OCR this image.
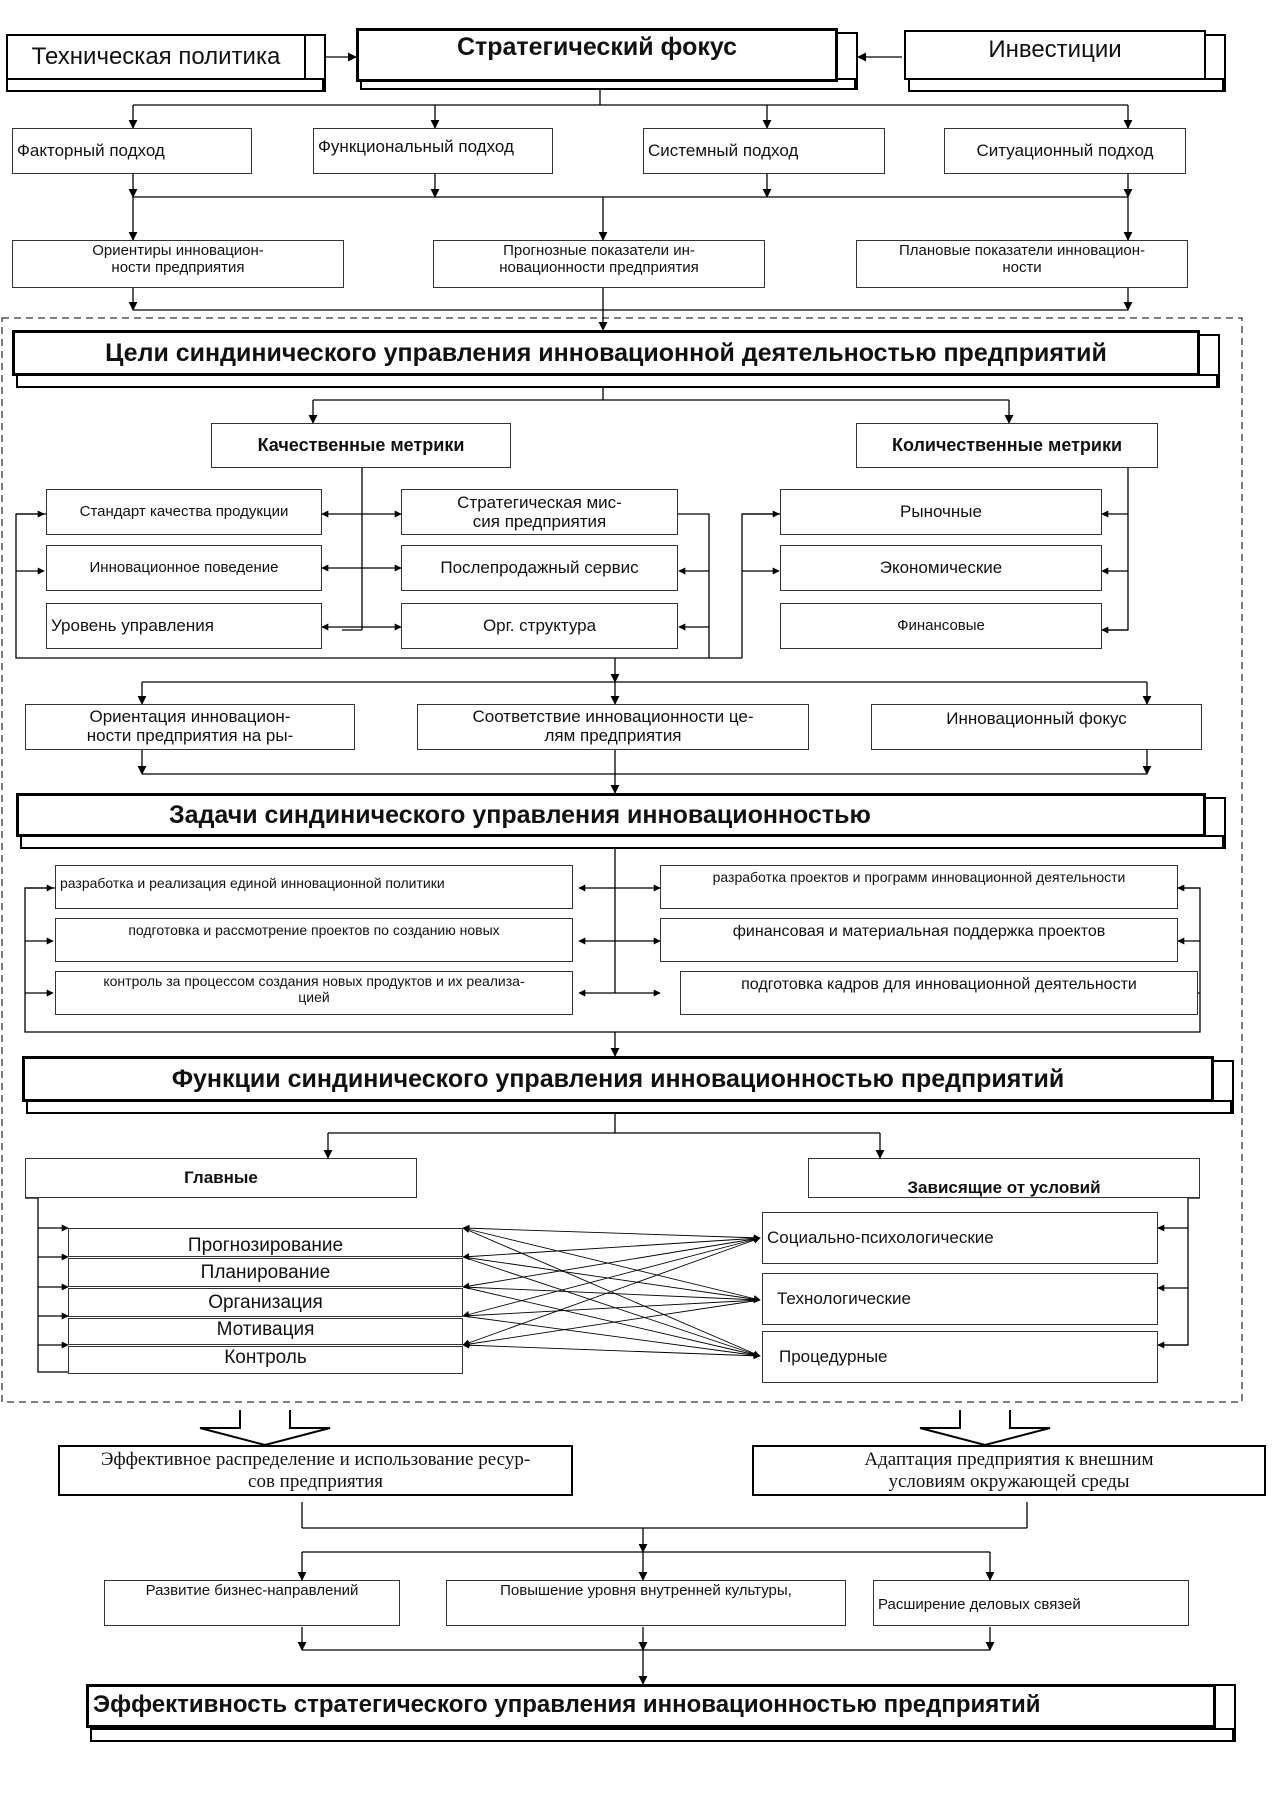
Техническая политика	Стратегический фокус	Инвестиции
Факторный подход	Функциональный подход	Системный подход	Ситуационный подход
Ориентиры инновацион-
ности предприятия
Прогнозные показатели ин-
новационности предприятия
Плановые показатели инновацион-
ности
Цели синдинического управления инновационной деятельностью предприятий
Качественные метрики	Количественные метрики
Стандарт качества продукции
Инновационное поведение
Уровень управления
Стратегическая мис-
сия предприятия
Послепродажный сервис
Орг. структура
Рыночные
Экономические
Финансовые
Ориентация инновацион-
ности предприятия на ры-
Соответствие инновационности це-
лям предприятия
Инновационный фокус
Задачи синдинического управления инновационностью
разработка и реализация единой инновационной политики
подготовка и рассмотрение проектов по созданию новых
контроль за процессом создания новых продуктов и их реализа-
цией
разработка проектов и программ инновационной деятельности
финансовая и материальная поддержка проектов
подготовка кадров для инновационной деятельности
Функции синдинического управления инновационностью предприятий
Главные	Зависящие от условий
Прогнозирование
Планирование
Организация
Мотивация
Контроль
Социально-психологические
Технологические
Процедурные
Эффективное распределение и использование ресур-
сов предприятия
Адаптация предприятия к внешним
условиям окружающей среды
Развитие бизнес-направлений	Повышение уровня внутренней культуры,
Расширение деловых связей
Эффективность стратегического управления инновационностью предприятий
